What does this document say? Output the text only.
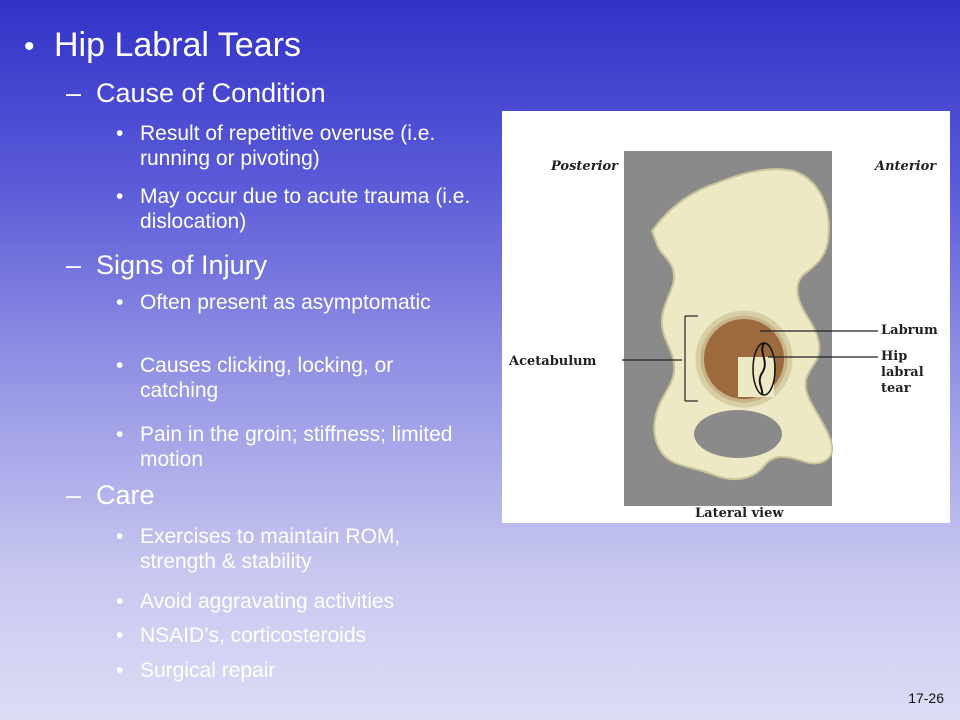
• Hip Labral Tears
– Cause of Condition
• Result of repetitive overuse (i.e. running or pivoting)
• May occur due to acute trauma (i.e. dislocation)
– Signs of Injury
• Often present as asymptomatic
• Causes clicking, locking, or catching
• Pain in the groin; stiffness; limited motion
– Care
• Exercises to maintain ROM, strength & stability
• Avoid aggravating activities
• NSAID’s, corticosteroids
• Surgical repair
Posterior	Anterior
Acetabulum
Labrum
Hip labral tear
Lateral view
17-26
